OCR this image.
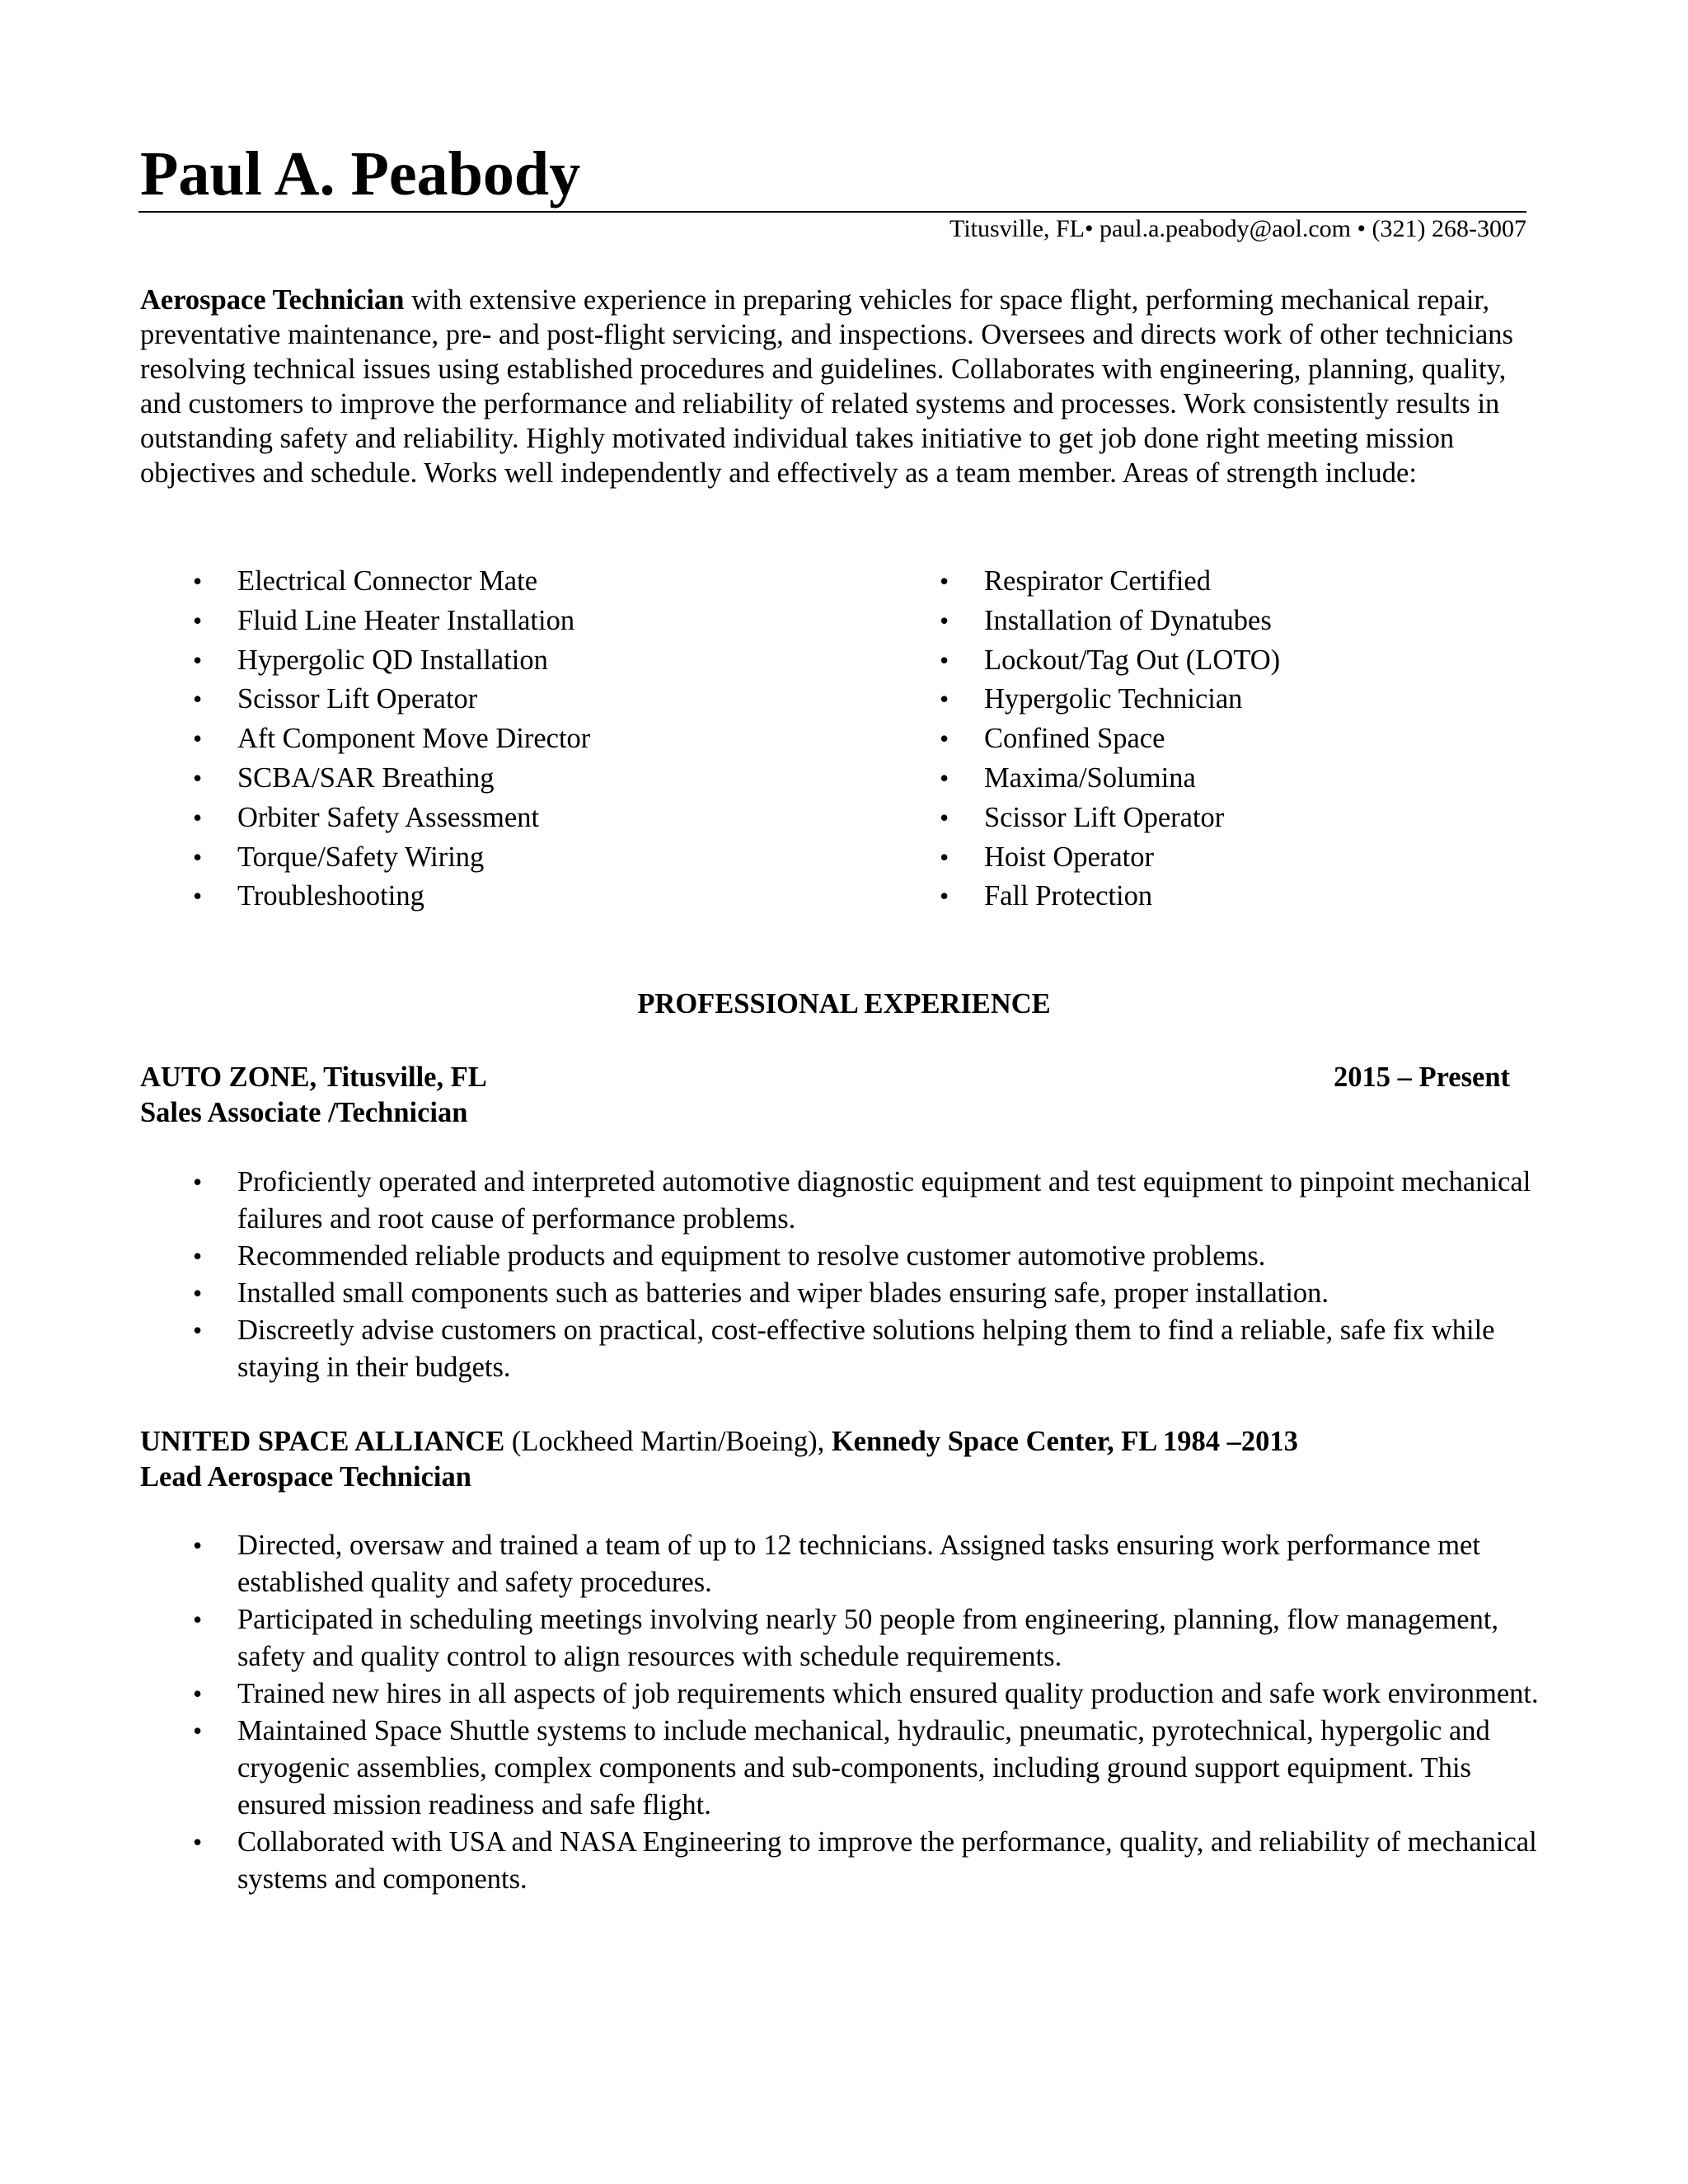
Paul A. Peabody
Titusville, FL• paul.a.peabody@aol.com • (321) 268-3007

Aerospace Technician with extensive experience in preparing vehicles for space flight, performing mechanical repair, preventative maintenance, pre- and post-flight servicing, and inspections. Oversees and directs work of other technicians resolving technical issues using established procedures and guidelines. Collaborates with engineering, planning, quality, and customers to improve the performance and reliability of related systems and processes. Work consistently results in outstanding safety and reliability. Highly motivated individual takes initiative to get job done right meeting mission objectives and schedule. Works well independently and effectively as a team member. Areas of strength include:

• Electrical Connector Mate
• Fluid Line Heater Installation
• Hypergolic QD Installation
• Scissor Lift Operator
• Aft Component Move Director
• SCBA/SAR Breathing
• Orbiter Safety Assessment
• Torque/Safety Wiring
• Troubleshooting
• Respirator Certified
• Installation of Dynatubes
• Lockout/Tag Out (LOTO)
• Hypergolic Technician
• Confined Space
• Maxima/Solumina
• Scissor Lift Operator
• Hoist Operator
• Fall Protection
PROFESSIONAL EXPERIENCE
AUTO ZONE, Titusville, FL	2015 – Present
Sales Associate /Technician
• Proficiently operated and interpreted automotive diagnostic equipment and test equipment to pinpoint mechanical failures and root cause of performance problems.
• Recommended reliable products and equipment to resolve customer automotive problems.
• Installed small components such as batteries and wiper blades ensuring safe, proper installation.
• Discreetly advise customers on practical, cost-effective solutions helping them to find a reliable, safe fix while staying in their budgets.
UNITED SPACE ALLIANCE (Lockheed Martin/Boeing), Kennedy Space Center, FL 1984 –2013
Lead Aerospace Technician
• Directed, oversaw and trained a team of up to 12 technicians. Assigned tasks ensuring work performance met established quality and safety procedures.
• Participated in scheduling meetings involving nearly 50 people from engineering, planning, flow management, safety and quality control to align resources with schedule requirements.
• Trained new hires in all aspects of job requirements which ensured quality production and safe work environment.
• Maintained Space Shuttle systems to include mechanical, hydraulic, pneumatic, pyrotechnical, hypergolic and cryogenic assemblies, complex components and sub-components, including ground support equipment. This ensured mission readiness and safe flight.
• Collaborated with USA and NASA Engineering to improve the performance, quality, and reliability of mechanical systems and components.
